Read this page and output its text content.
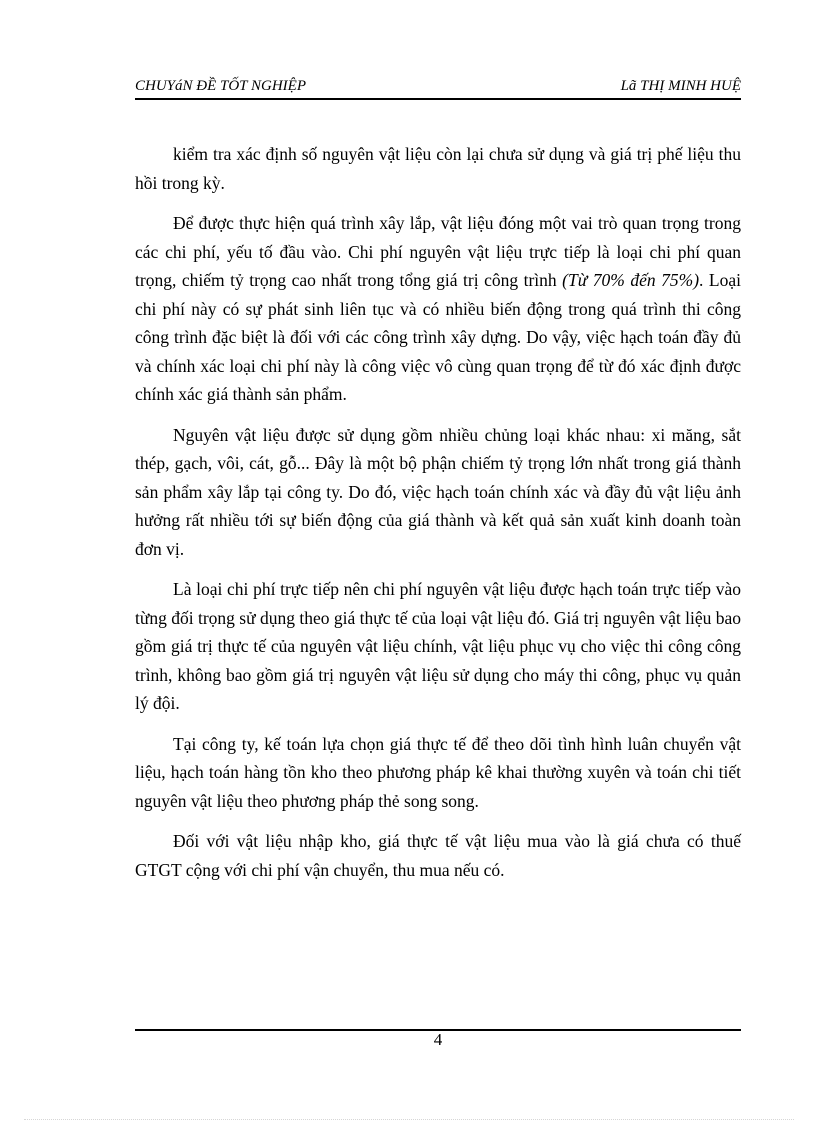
CHUYáN ĐỀ TỐT NGHIỆP	Lã THỊ MINH HUỆ

kiểm tra xác định số nguyên vật liệu còn lại chưa sử dụng và giá trị phế liệu thu hồi trong kỳ.

Để được thực hiện quá trình xây lắp, vật liệu đóng một vai trò quan trọng trong các chi phí, yếu tố đầu vào. Chi phí nguyên vật liệu trực tiếp là loại chi phí quan trọng, chiếm tỷ trọng cao nhất trong tổng giá trị công trình (Từ 70% đến 75%). Loại chi phí này có sự phát sinh liên tục và có nhiều biến động trong quá trình thi công công trình đặc biệt là đối với các công trình xây dựng. Do vậy, việc hạch toán đầy đủ và chính xác loại chi phí này là công việc vô cùng quan trọng để từ đó xác định được chính xác giá thành sản phẩm.

Nguyên vật liệu được sử dụng gồm nhiều chủng loại khác nhau: xi măng, sắt thép, gạch, vôi, cát, gỗ... Đây là một bộ phận chiếm tỷ trọng lớn nhất trong giá thành sản phẩm xây lắp tại công ty. Do đó, việc hạch toán chính xác và đầy đủ vật liệu ảnh hưởng rất nhiều tới sự biến động của giá thành và kết quả sản xuất kinh doanh toàn đơn vị.

Là loại chi phí trực tiếp nên chi phí nguyên vật liệu được hạch toán trực tiếp vào từng đối trọng sử dụng theo giá thực tế của loại vật liệu đó. Giá trị nguyên vật liệu bao gồm giá trị thực tế của nguyên vật liệu chính, vật liệu phục vụ cho việc thi công công trình, không bao gồm giá trị nguyên vật liệu sử dụng cho máy thi công, phục vụ quản lý đội.

Tại công ty, kế toán lựa chọn giá thực tế để theo dõi tình hình luân chuyển vật liệu, hạch toán hàng tồn kho theo phương pháp kê khai thường xuyên và toán chi tiết nguyên vật liệu theo phương pháp thẻ song song.

Đối với vật liệu nhập kho, giá thực tế vật liệu mua vào là giá chưa có thuế GTGT cộng với chi phí vận chuyển, thu mua nếu có.

4
